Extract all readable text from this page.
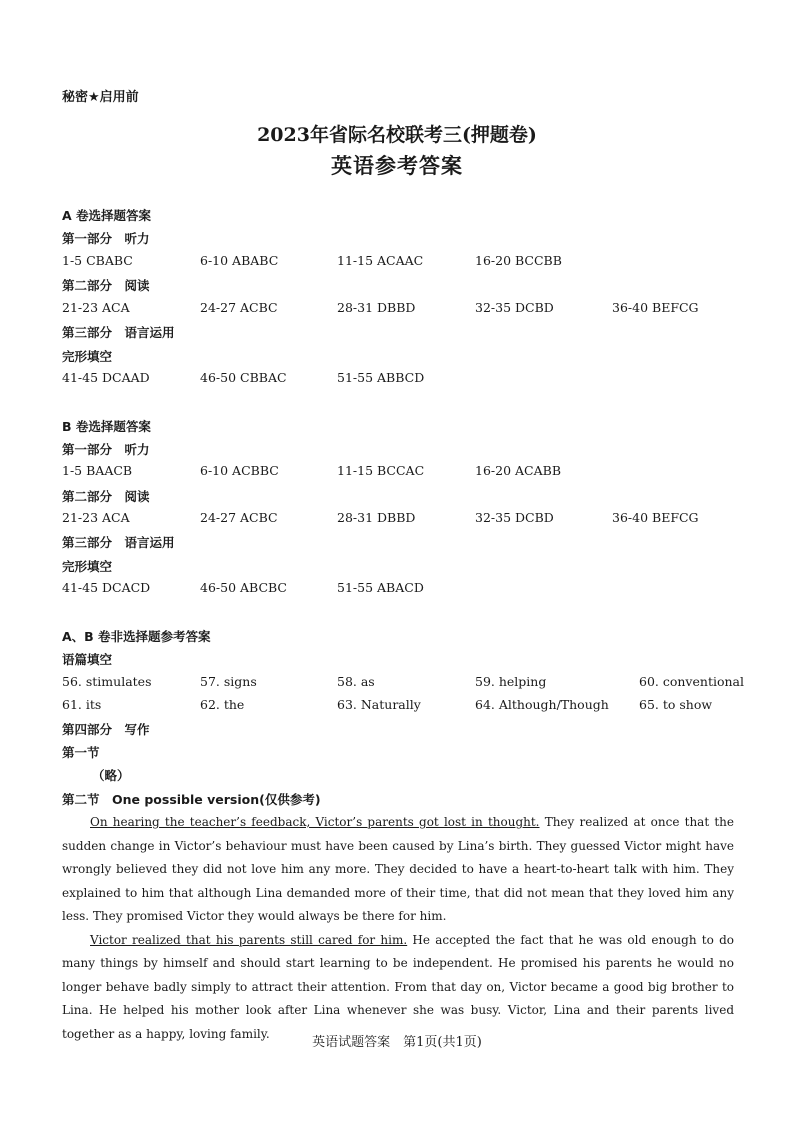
秘密★启用前
2023年省际名校联考三(押题卷)
英语参考答案
A 卷选择题答案
第一部分　听力
1-5 CBABC	6-10 ABABC	11-15 ACAAC	16-20 BCCBB
第二部分　阅读
21-23 ACA	24-27 ACBC	28-31 DBBD	32-35 DCBD	36-40 BEFCG
第三部分　语言运用
完形填空
41-45 DCAAD	46-50 CBBAC	51-55 ABBCD
B 卷选择题答案
第一部分　听力
1-5 BAACB	6-10 ACBBC	11-15 BCCAC	16-20 ACABB
第二部分　阅读
21-23 ACA	24-27 ACBC	28-31 DBBD	32-35 DCBD	36-40 BEFCG
第三部分　语言运用
完形填空
41-45 DCACD	46-50 ABCBC	51-55 ABACD
A、B 卷非选择题参考答案
语篇填空
56. stimulates	57. signs	58. as	59. helping	60. conventional
61. its	62. the	63. Naturally	64. Although/Though 65. to show
第四部分　写作
第一节
（略）
第二节　One possible version(仅供参考)

On hearing the teacher’s feedback, Victor’s parents got lost in thought. They realized at once that the sudden change in Victor’s behaviour must have been caused by Lina’s birth. They guessed Victor might have wrongly believed they did not love him any more. They decided to have a heart-to-heart talk with him. They explained to him that although Lina demanded more of their time, that did not mean that they loved him any less. They promised Victor they would always be there for him.

Victor realized that his parents still cared for him. He accepted the fact that he was old enough to do many things by himself and should start learning to be independent. He promised his parents he would no longer behave badly simply to attract their attention. From that day on, Victor became a good big brother to Lina. He helped his mother look after Lina whenever she was busy. Victor, Lina and their parents lived together as a happy, loving family.

英语试题答案　第1页(共1页)
